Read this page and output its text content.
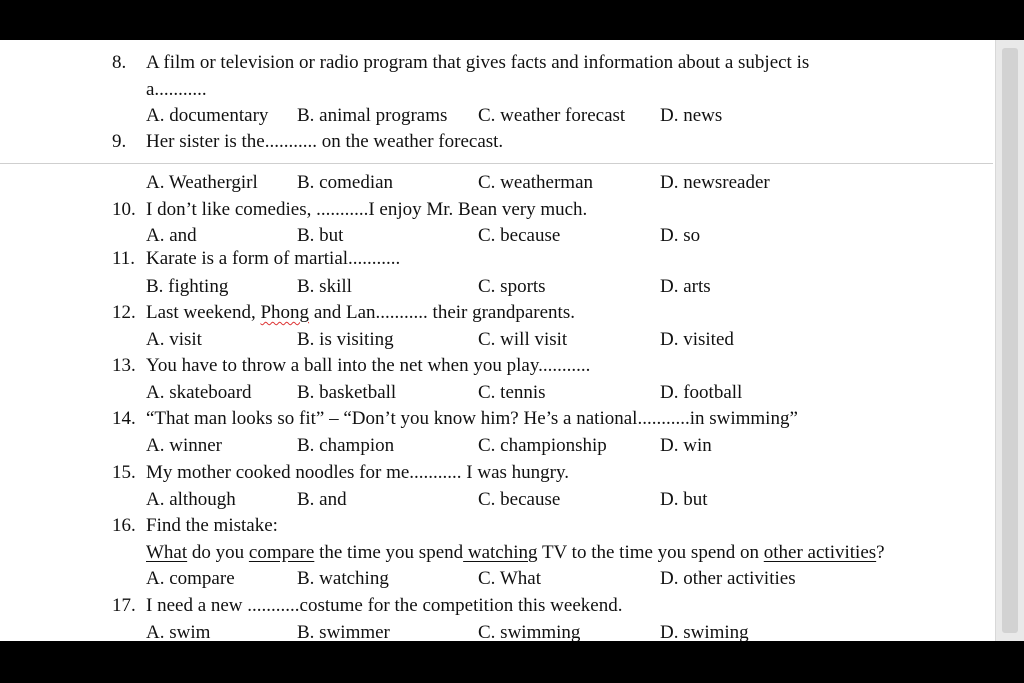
8. A film or television or radio program that gives facts and information about a subject is
a...........
A. documentary B. animal programs C. weather forecast D. news
9. Her sister is the........... on the weather forecast.
A. Weathergirl B. comedian	C. weatherman	D. newsreader
10. I don’t like comedies, ...........I enjoy Mr. Bean very much.
A. and	B. but	C. because	D. so
11. Karate is a form of martial...........
B. fighting	B. skill	C. sports	D. arts
12. Last weekend, Phong and Lan........... their grandparents.
A. visit	B. is visiting	C. will visit	D. visited
13. You have to throw a ball into the net when you play...........
A. skateboard B. basketball	C. tennis	D. football
14. “That man looks so fit” – “Don’t you know him? He’s a national...........in swimming”
A. winner	B. champion	C. championship	D. win
15. My mother cooked noodles for me........... I was hungry.
A. although	B. and	C. because	D. but
16. Find the mistake:
What do you compare the time you spend watching TV to the time you spend on other activities?
A. compare	B. watching	C. What	D. other activities
17. I need a new ...........costume for the competition this weekend.
A. swim	B. swimmer	C. swimming	D. swiming
